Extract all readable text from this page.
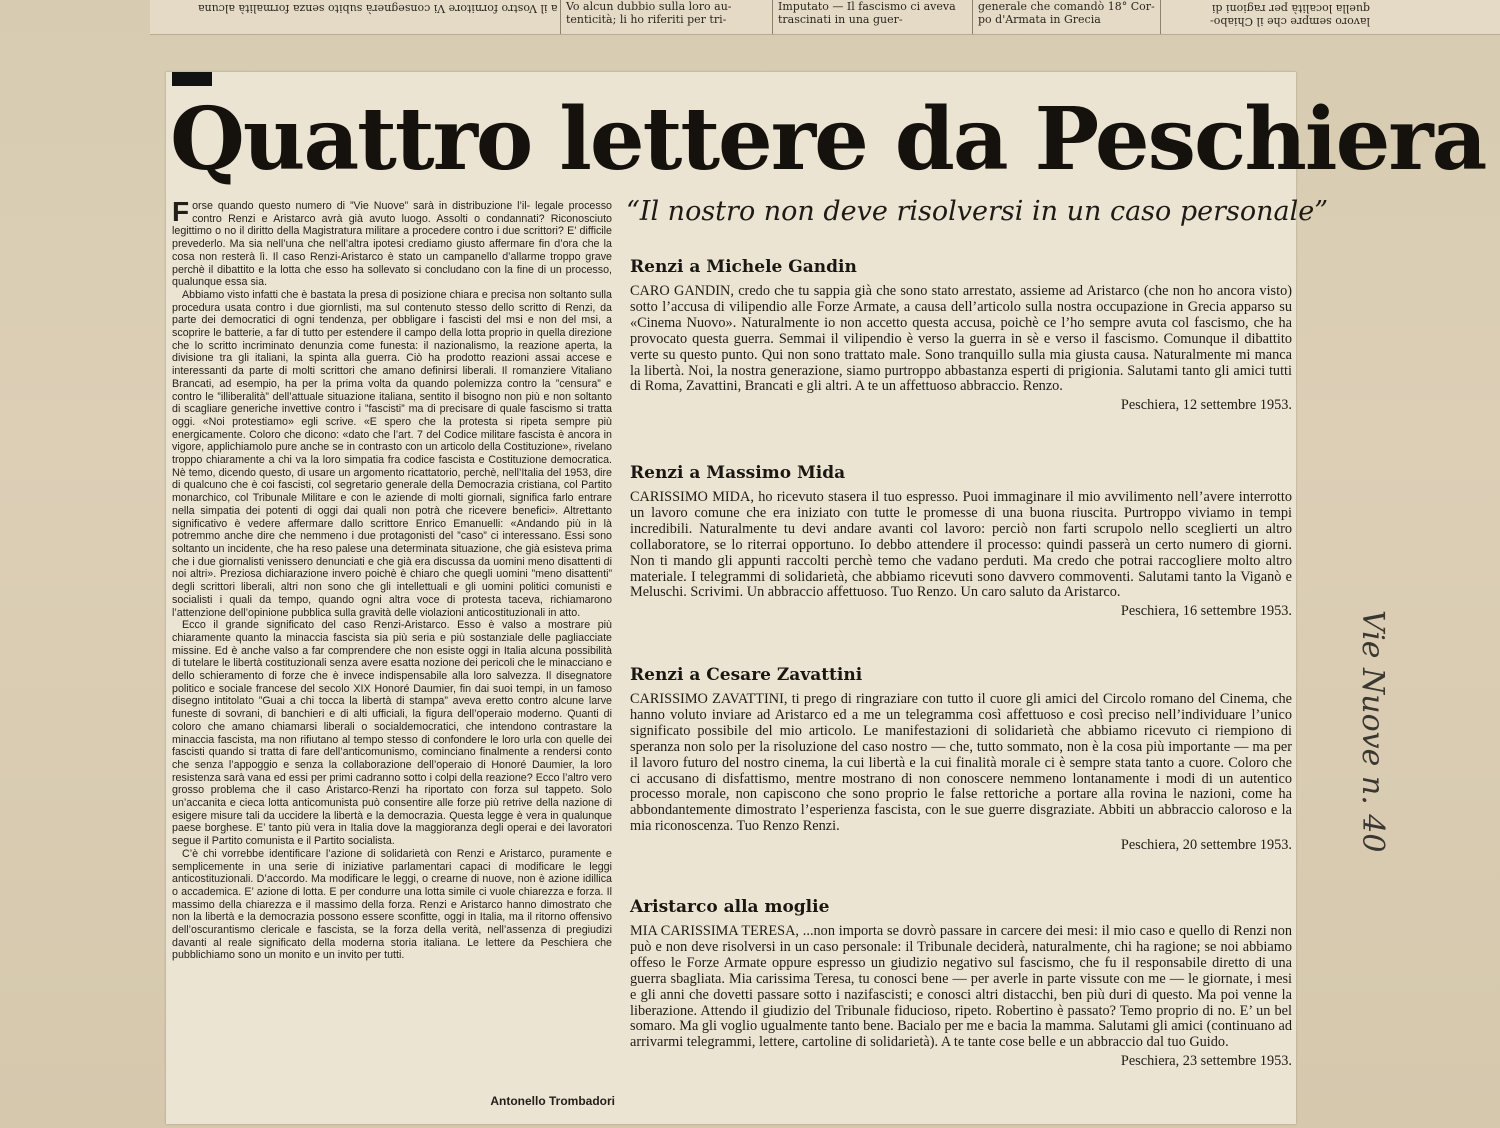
a il Vostro fornitore Vi consegnerà subito senza formalità alcuna Vo alcun dubbio sulla loro au- tenticità; li ho riferiti per tri-
Imputato — Il fascismo ci aveva trascinati in una guer-
generale che comandò 18° Cor- po d'Armata in Grecia	lavoro sempre che il Chiabo- quella località per ragioni di
Quattro lettere da Peschiera
“Il nostro non deve risolversi in un caso personale”

Forse quando questo numero di ”Vie Nuove” sarà in distribuzione l’il- legale processo contro Renzi e Aristarco avrà già avuto luogo. Assolti o condannati? Riconosciuto legittimo o no il diritto della Magistratura militare a procedere contro i due scrittori? E’ difficile prevederlo. Ma sia nell’una che nell’altra ipotesi crediamo giusto affermare fin d’ora che la cosa non resterà lì. Il caso Renzi-Aristarco è stato un campanello d’allarme troppo grave perchè il dibattito e la lotta che esso ha sollevato si concludano con la fine di un processo, qualunque essa sia.

Abbiamo visto infatti che è bastata la presa di posizione chiara e precisa non soltanto sulla procedura usata contro i due giornlisti, ma sul contenuto stesso dello scritto di Renzi, da parte dei democratici di ogni tendenza, per obbligare i fascisti del msi e non del msi, a scoprire le batterie, a far di tutto per estendere il campo della lotta proprio in quella direzione che lo scritto incriminato denunzia come funesta: il nazionalismo, la reazione aperta, la divisione tra gli italiani, la spinta alla guerra. Ciò ha prodotto reazioni assai accese e interessanti da parte di molti scrittori che amano definirsi liberali. Il romanziere Vitaliano Brancati, ad esempio, ha per la prima volta da quando polemizza contro la ”censura” e contro le ”illiberalità” dell’attuale situazione italiana, sentito il bisogno non più e non soltanto di scagliare generiche invettive contro i ”fascisti” ma di precisare di quale fascismo si tratta oggi. «Noi protestiamo» egli scrive. «E spero che la protesta si ripeta sempre più energicamente. Coloro che dicono: «dato che l’art. 7 del Codice militare fascista è ancora in vigore, applichiamolo pure anche se in contrasto con un articolo della Costituzione», rivelano troppo chiaramente a chi va la loro simpatia fra codice fascista e Costituzione democratica. Nè temo, dicendo questo, di usare un argomento ricattatorio, perchè, nell’Italia del 1953, dire di qualcuno che è coi fascisti, col segretario generale della Democrazia cristiana, col Partito monarchico, col Tribunale Militare e con le aziende di molti giornali, significa farlo entrare nella simpatia dei potenti di oggi dai quali non potrà che ricevere benefici». Altrettanto significativo è vedere affermare dallo scrittore Enrico Emanuelli: «Andando più in là potremmo anche dire che nemmeno i due protagonisti del ”caso” ci interessano. Essi sono soltanto un incidente, che ha reso palese una determinata situazione, che già esisteva prima che i due giornalisti venissero denunciati e che già era discussa da uomini meno disattenti di noi altri». Preziosa dichiarazione invero poichè è chiaro che quegli uomini ”meno disattenti” degli scrittori liberali, altri non sono che gli intellettuali e gli uomini politici comunisti e socialisti i quali da tempo, quando ogni altra voce di protesta taceva, richiamarono l’attenzione dell’opinione pubblica sulla gravità delle violazioni anticostituzionali in atto.

Ecco il grande significato del caso Renzi-Aristarco. Esso è valso a mostrare più chiaramente quanto la minaccia fascista sia più seria e più sostanziale delle pagliacciate missine. Ed è anche valso a far comprendere che non esiste oggi in Italia alcuna possibilità di tutelare le libertà costituzionali senza avere esatta nozione dei pericoli che le minacciano e dello schieramento di forze che è invece indispensabile alla loro salvezza. Il disegnatore politico e sociale francese del secolo XIX Honoré Daumier, fin dai suoi tempi, in un famoso disegno intitolato ”Guai a chi tocca la libertà di stampa” aveva eretto contro alcune larve funeste di sovrani, di banchieri e di alti ufficiali, la figura dell’operaio moderno. Quanti di coloro che amano chiamarsi liberali o socialdemocratici, che intendono contrastare la minaccia fascista, ma non rifiutano al tempo stesso di confondere le loro urla con quelle dei fascisti quando si tratta di fare dell’anticomunismo, cominciano finalmente a rendersi conto che senza l’appoggio e senza la collaborazione dell’operaio di Honoré Daumier, la loro resistenza sarà vana ed essi per primi cadranno sotto i colpi della reazione? Ecco l’altro vero grosso problema che il caso Aristarco-Renzi ha riportato con forza sul tappeto. Solo un’accanita e cieca lotta anticomunista può consentire alle forze più retrive della nazione di esigere misure tali da uccidere la libertà e la democrazia. Questa legge è vera in qualunque paese borghese. E’ tanto più vera in Italia dove la maggioranza degli operai e dei lavoratori segue il Partito comunista e il Partito socialista.

C’è chi vorrebbe identificare l’azione di solidarietà con Renzi e Aristarco, puramente e semplicemente in una serie di iniziative parlamentari capaci di modificare le leggi anticostituzionali. D’accordo. Ma modificare le leggi, o crearne di nuove, non è azione idillica o accademica. E’ azione di lotta. E per condurre una lotta simile ci vuole chiarezza e forza. Il massimo della chiarezza e il massimo della forza. Renzi e Aristarco hanno dimostrato che non la libertà e la democrazia possono essere sconfitte, oggi in Italia, ma il ritorno offensivo dell’oscurantismo clericale e fascista, se la forza della verità, nell’assenza di pregiudizi davanti al reale significato della moderna storia italiana. Le lettere da Peschiera che pubblichiamo sono un monito e un invito per tutti.

Antonello Trombadori
Renzi a Michele Gandin
CARO GANDIN, credo che tu sappia già che sono stato arrestato, assieme ad Aristarco (che non ho ancora visto) sotto l’accusa di vilipendio alle Forze Armate, a causa dell’articolo sulla nostra occupazione in Grecia apparso su «Cinema Nuovo». Naturalmente io non accetto questa accusa, poichè ce l’ho sempre avuta col fascismo, che ha provocato questa guerra. Semmai il vilipendio è verso la guerra in sè e verso il fascismo. Comunque il dibattito verte su questo punto. Qui non sono trattato male. Sono tranquillo sulla mia giusta causa. Naturalmente mi manca la libertà. Noi, la nostra generazione, siamo purtroppo abbastanza esperti di prigionia. Salutami tanto gli amici tutti di Roma, Zavattini, Brancati e gli altri. A te un affettuoso abbraccio. Renzo.
Peschiera, 12 settembre 1953.
Renzi a Massimo Mida
CARISSIMO MIDA, ho ricevuto stasera il tuo espresso. Puoi immaginare il mio avvilimento nell’avere interrotto un lavoro comune che era iniziato con tutte le promesse di una buona riuscita. Purtroppo viviamo in tempi incredibili. Naturalmente tu devi andare avanti col lavoro: perciò non farti scrupolo nello sceglierti un altro collaboratore, se lo riterrai opportuno. Io debbo attendere il processo: quindi passerà un certo numero di giorni. Non ti mando gli appunti raccolti perchè temo che vadano perduti. Ma credo che potrai raccogliere molto altro materiale. I telegrammi di solidarietà, che abbiamo ricevuti sono davvero commoventi. Salutami tanto la Viganò e Meluschi. Scrivimi. Un abbraccio affettuoso. Tuo Renzo. Un caro saluto da Aristarco.
Peschiera, 16 settembre 1953.
Renzi a Cesare Zavattini
CARISSIMO ZAVATTINI, ti prego di ringraziare con tutto il cuore gli amici del Circolo romano del Cinema, che hanno voluto inviare ad Aristarco ed a me un telegramma così affettuoso e così preciso nell’individuare l’unico significato possibile del mio articolo. Le manifestazioni di solidarietà che abbiamo ricevuto ci riempiono di speranza non solo per la risoluzione del caso nostro — che, tutto sommato, non è la cosa più importante — ma per il lavoro futuro del nostro cinema, la cui libertà e la cui finalità morale ci è sempre stata tanto a cuore. Coloro che ci accusano di disfattismo, mentre mostrano di non conoscere nemmeno lontanamente i modi di un autentico processo morale, non capiscono che sono proprio le false rettoriche a portare alla rovina le nazioni, come ha abbondantemente dimostrato l’esperienza fascista, con le sue guerre disgraziate. Abbiti un abbraccio caloroso e la mia riconoscenza. Tuo Renzo Renzi.
Peschiera, 20 settembre 1953.
Aristarco alla moglie
MIA CARISSIMA TERESA, ...non importa se dovrò passare in carcere dei mesi: il mio caso e quello di Renzi non può e non deve risolversi in un caso personale: il Tribunale deciderà, naturalmente, chi ha ragione; se noi abbiamo offeso le Forze Armate oppure espresso un giudizio negativo sul fascismo, che fu il responsabile diretto di una guerra sbagliata. Mia carissima Teresa, tu conosci bene — per averle in parte vissute con me — le giornate, i mesi e gli anni che dovetti passare sotto i nazifascisti; e conosci altri distacchi, ben più duri di questo. Ma poi venne la liberazione. Attendo il giudizio del Tribunale fiducioso, ripeto. Robertino è passato? Temo proprio di no. E’ un bel somaro. Ma gli voglio ugualmente tanto bene. Bacialo per me e bacia la mamma. Salutami gli amici (continuano ad arrivarmi telegrammi, lettere, cartoline di solidarietà). A te tante cose belle e un abbraccio dal tuo Guido.
Peschiera, 23 settembre 1953.
Vie Nuove n. 40
